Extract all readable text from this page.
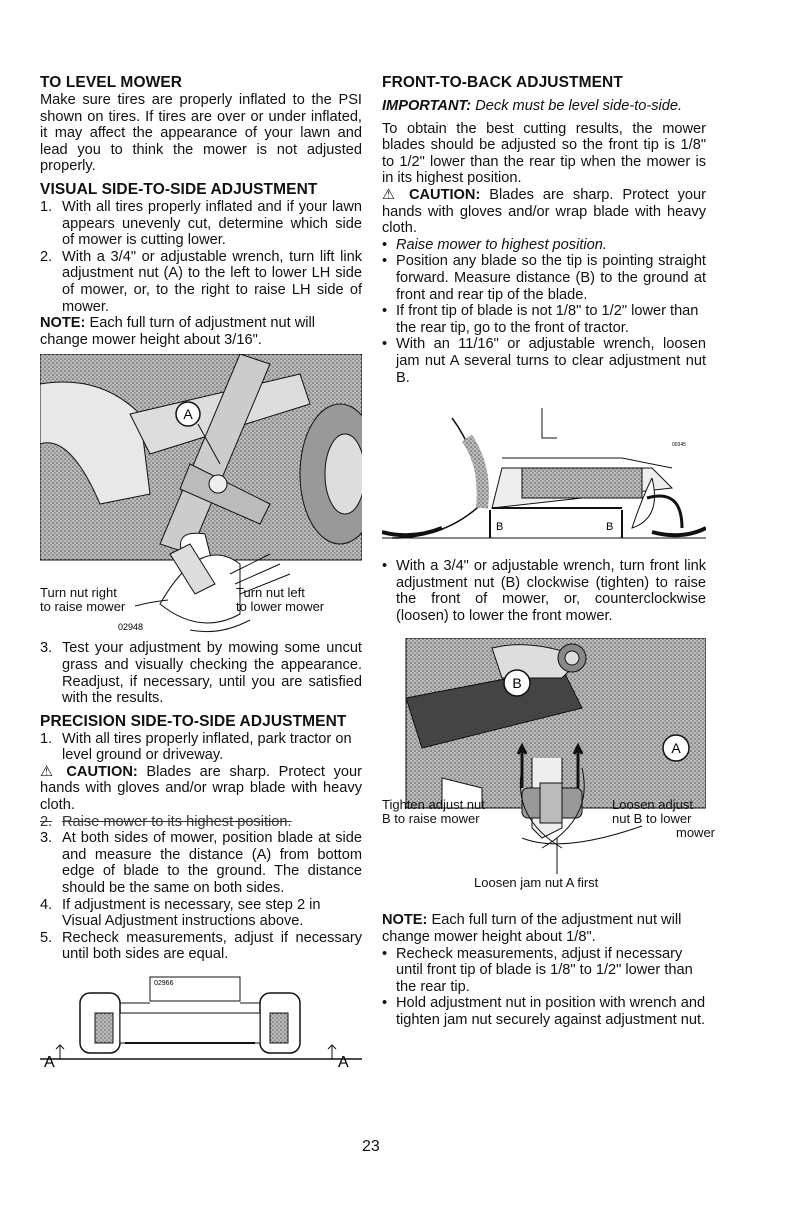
TO LEVEL MOWER

Make sure tires are properly inflated to the PSI shown on tires. If tires are over or under inflated, it may affect the appearance of your lawn and lead you to think the mower is not adjusted properly.

VISUAL SIDE-TO-SIDE ADJUSTMENT
1. With all tires properly inflated and if your lawn appears unevenly cut, determine which side of mower is cutting lower.
2. With a 3/4" or adjustable wrench, turn lift link adjustment nut (A) to the left to lower LH side of mower, or, to the right to raise LH side of mower.

NOTE: Each full turn of adjustment nut will change mower height about 3/16".

A
02948
Turn nut right
to raise mower
Turn nut left
to lower mower
3. Test your adjustment by mowing some uncut grass and visually checking the appearance. Readjust, if necessary, until you are satisfied with the results.
PRECISION SIDE-TO-SIDE ADJUSTMENT
1. With all tires properly inflated, park tractor on level ground or driveway.

⚠ CAUTION: Blades are sharp. Protect your hands with gloves and/or wrap blade with heavy cloth.

2. Raise mower to its highest position.
3. At both sides of mower, position blade at side and measure the distance (A) from bottom edge of blade to the ground. The distance should be the same on both sides.
4. If adjustment is necessary, see step 2 in Visual Adjustment instructions above.
5. Recheck measurements, adjust if necessary until both sides are equal.
02966
A	A
FRONT-TO-BACK ADJUSTMENT

IMPORTANT: Deck must be level side-to-side.

To obtain the best cutting results, the mower blades should be adjusted so the front tip is 1/8" to 1/2" lower than the rear tip when the mower is in its highest position.

⚠ CAUTION: Blades are sharp. Protect your hands with gloves and/or wrap blade with heavy cloth.

• Raise mower to highest position.
• Position any blade so the tip is pointing straight forward. Measure distance (B) to the ground at front and rear tip of the blade.
• If front tip of blade is not 1/8" to 1/2" lower than the rear tip, go to the front of tractor.
• With an 11/16" or adjustable wrench, loosen jam nut A several turns to clear adjustment nut B.
B	B
00345
• With a 3/4" or adjustable wrench, turn front link adjustment nut (B) clockwise (tighten) to raise the front of mower, or, counterclockwise (loosen) to lower the front mower.
B
A
Tighten adjust nut
B to raise mower
Loosen adjust
nut B to lower
mower
Loosen jam nut A first

NOTE: Each full turn of the adjustment nut will change mower height about 1/8".

• Recheck measurements, adjust if necessary until front tip of blade is 1/8" to 1/2" lower than the rear tip.
• Hold adjustment nut in position with wrench and tighten jam nut securely against adjustment nut.
23
